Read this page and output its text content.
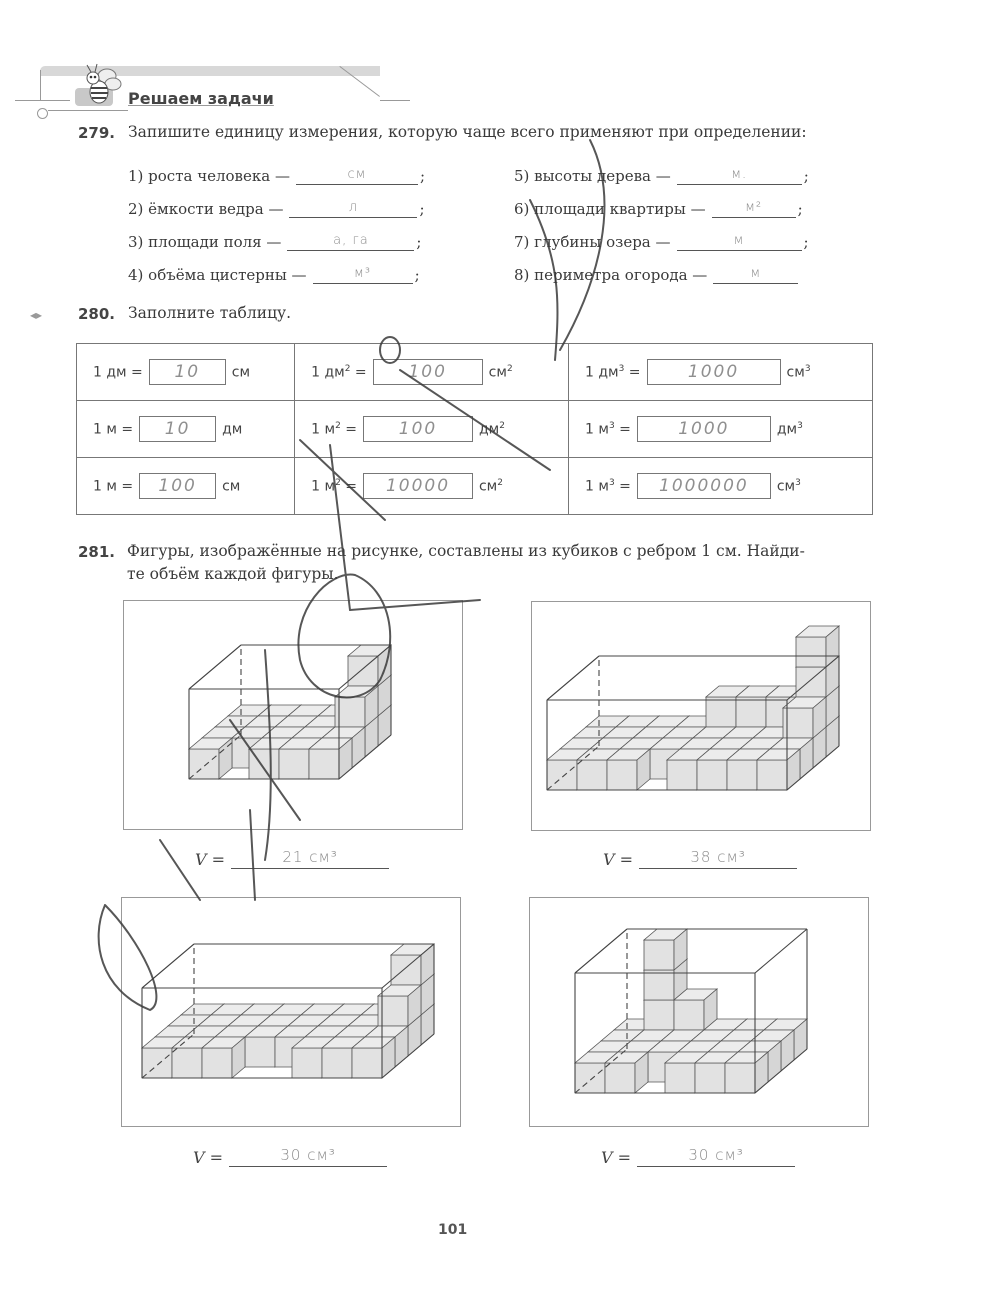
Решаем задачи
279. Запишите единицу измерения, которую чаще всего применяют при определении:
1) роста человека —	см	;
2) ёмкости ведра —	л	;
3) площади поля —	а, га	;
4) объёма цистерны —	м³	;
5) высоты дерева —	м.	;
6) площади квартиры —	м²	;
7) глубины озера —	м	;
8) периметра огорода —	м
◂▸ 280. Заполните таблицу.
1 дм = 10 см	1 $дм^2 = 100$ $см^2$	1 $дм^3 = 1000$ $см^3$

1 м = 10 дм	1 $м^2 = 100$ $дм^2$	1 $м^3 = 1000$ $дм^3$

1 м = 100 см	1 $м^2 = 10000$ $см^2$	1 $м^3 = 1000000$ $см^3$
281. Фигуры, изображённые на рисунке, составлены из кубиков с ребром 1 см. Найди-
те объём каждой фигуры.
V
=	21 см³	V
=	38 см³
V
=	30 см³	V
=	30 см³
101
